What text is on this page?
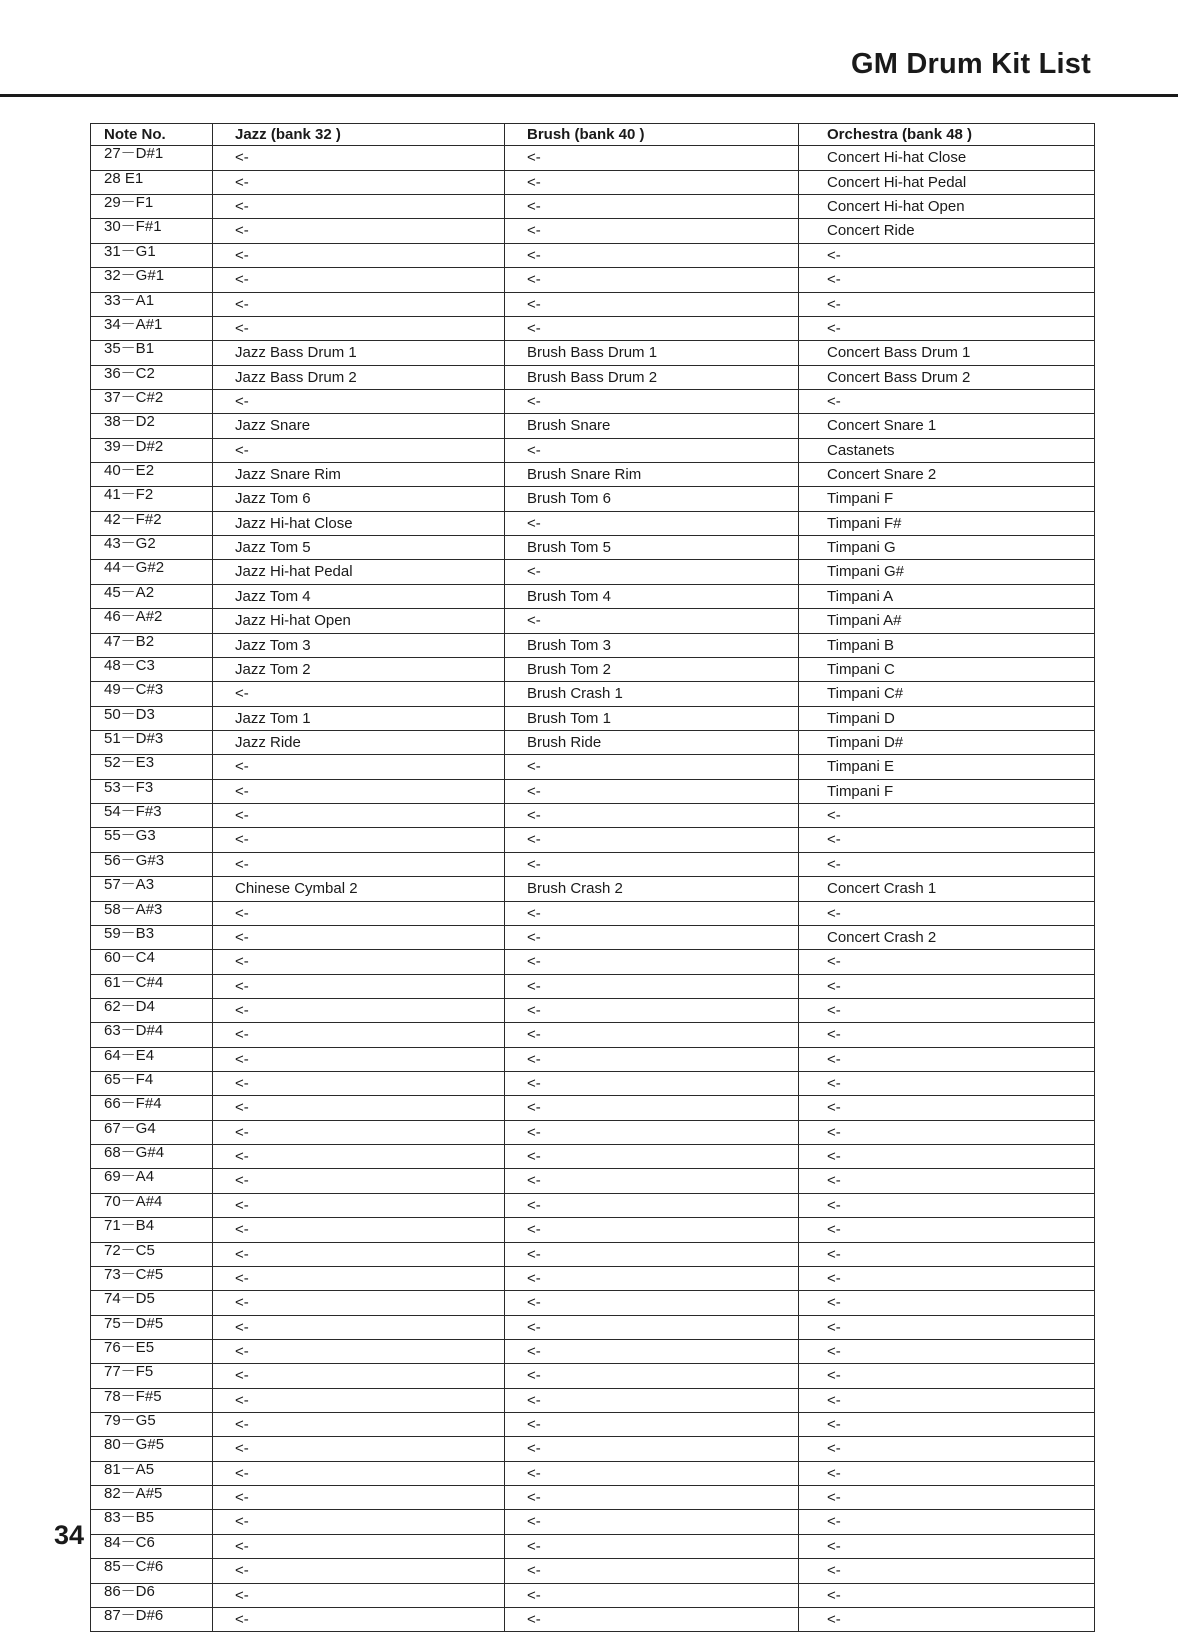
GM Drum Kit List
Note No.	Jazz (bank 32 )	Brush (bank 40 )	Orchestra (bank 48 )
27－D#1	<-	<-	Concert Hi-hat Close
28 E1	<-	<-	Concert Hi-hat Pedal
29－F1	<-	<-	Concert Hi-hat Open
30－F#1	<-	<-	Concert Ride
31－G1	<-	<-	<-
32－G#1	<-	<-	<-
33－A1	<-	<-	<-
34－A#1	<-	<-	<-
35－B1	Jazz Bass Drum 1	Brush Bass Drum 1	Concert Bass Drum 1
36－C2	Jazz Bass Drum 2	Brush Bass Drum 2	Concert Bass Drum 2
37－C#2	<-	<-	<-
38－D2	Jazz Snare	Brush Snare	Concert Snare 1
39－D#2	<-	<-	Castanets
40－E2	Jazz Snare Rim	Brush Snare Rim	Concert Snare 2
41－F2	Jazz Tom 6	Brush Tom 6	Timpani F
42－F#2	Jazz Hi-hat Close	<-	Timpani F#
43－G2	Jazz Tom 5	Brush Tom 5	Timpani G
44－G#2	Jazz Hi-hat Pedal	<-	Timpani G#
45－A2	Jazz Tom 4	Brush Tom 4	Timpani A
46－A#2	Jazz Hi-hat Open	<-	Timpani A#
47－B2	Jazz Tom 3	Brush Tom 3	Timpani B
48－C3	Jazz Tom 2	Brush Tom 2	Timpani C
49－C#3	<-	Brush Crash 1	Timpani C#
50－D3	Jazz Tom 1	Brush Tom 1	Timpani D
51－D#3	Jazz Ride	Brush Ride	Timpani D#
52－E3	<-	<-	Timpani E
53－F3	<-	<-	Timpani F
54－F#3	<-	<-	<-
55－G3	<-	<-	<-
56－G#3	<-	<-	<-
57－A3	Chinese Cymbal 2	Brush Crash 2	Concert Crash 1
58－A#3	<-	<-	<-
59－B3	<-	<-	Concert Crash 2
60－C4	<-	<-	<-
61－C#4	<-	<-	<-
62－D4	<-	<-	<-
63－D#4	<-	<-	<-
64－E4	<-	<-	<-
65－F4	<-	<-	<-
66－F#4	<-	<-	<-
67－G4	<-	<-	<-
68－G#4	<-	<-	<-
69－A4	<-	<-	<-
70－A#4	<-	<-	<-
71－B4	<-	<-	<-
72－C5	<-	<-	<-
73－C#5	<-	<-	<-
74－D5	<-	<-	<-
75－D#5	<-	<-	<-
76－E5	<-	<-	<-
77－F5	<-	<-	<-
78－F#5	<-	<-	<-
79－G5	<-	<-	<-
80－G#5	<-	<-	<-
81－A5	<-	<-	<-
82－A#5	<-	<-	<-
83－B5	<-	<-	<-
84－C6	<-	<-	<-
85－C#6	<-	<-	<-
86－D6	<-	<-	<-
87－D#6	<-	<-	<-
34
